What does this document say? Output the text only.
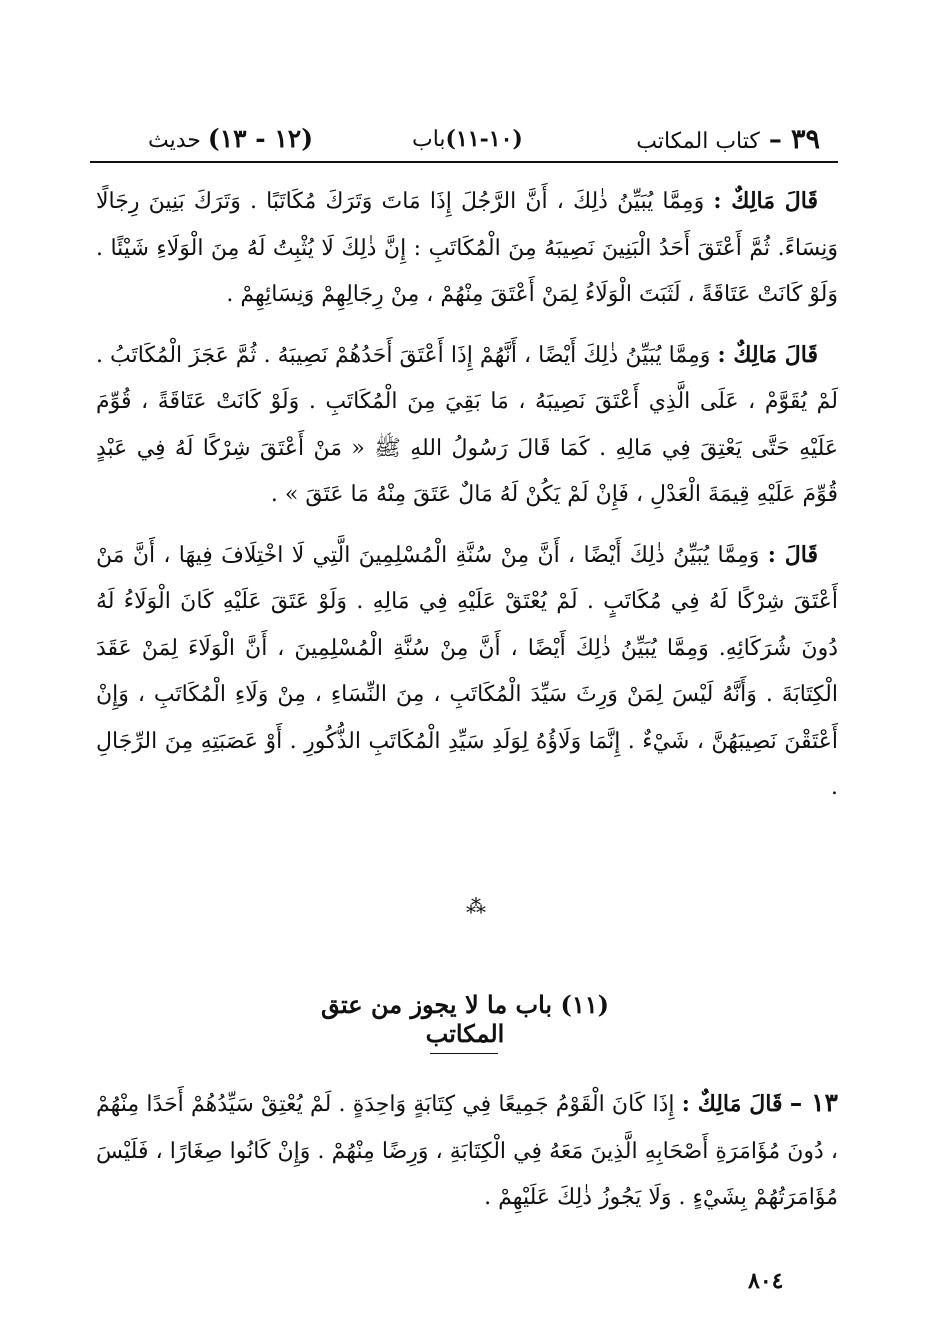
٣٩ – كتاب المكاتب
(١٠-١١)باب
(١٢ - ١٣) حديث

قَالَ مَالِكٌ : وَمِمَّا يُبَيِّنُ ذٰلِكَ ، أَنَّ الرَّجُلَ إِذَا مَاتَ وَتَرَكَ مُكَاتَبًا . وَتَرَكَ بَنِينَ رِجَالًا وَنِسَاءً. ثُمَّ أَعْتَقَ أَحَدُ الْبَنِينَ نَصِيبَهُ مِنَ الْمُكَاتَبِ : إِنَّ ذٰلِكَ لَا يُثْبِتُ لَهُ مِنَ الْوَلَاءِ شَيْئًا . وَلَوْ كَانَتْ عَتَاقَةً ، لَثَبَتَ الْوَلَاءُ لِمَنْ أَعْتَقَ مِنْهُمْ ، مِنْ رِجَالِهِمْ وَنِسَائِهِمْ .

قَالَ مَالِكٌ : وَمِمَّا يُبَيِّنُ ذٰلِكَ أَيْضًا ، أَنَّهُمْ إِذَا أَعْتَقَ أَحَدُهُمْ نَصِيبَهُ . ثُمَّ عَجَزَ الْمُكَاتَبُ . لَمْ يُقَوَّمْ ، عَلَى الَّذِي أَعْتَقَ نَصِيبَهُ ، مَا بَقِيَ مِنَ الْمُكَاتَبِ . وَلَوْ كَانَتْ عَتَاقَةً ، قُوِّمَ عَلَيْهِ حَتَّى يَعْتِقَ فِي مَالِهِ . كَمَا قَالَ رَسُولُ اللهِ ﷺ « مَنْ أَعْتَقَ شِرْكًا لَهُ فِي عَبْدٍ قُوِّمَ عَلَيْهِ قِيمَةَ الْعَدْلِ ، فَإِنْ لَمْ يَكُنْ لَهُ مَالٌ عَتَقَ مِنْهُ مَا عَتَقَ » .

قَالَ : وَمِمَّا يُبَيِّنُ ذٰلِكَ أَيْضًا ، أَنَّ مِنْ سُنَّةِ الْمُسْلِمِينَ الَّتِي لَا اخْتِلَافَ فِيهَا ، أَنَّ مَنْ أَعْتَقَ شِرْكًا لَهُ فِي مُكَاتَبٍ . لَمْ يُعْتَقْ عَلَيْهِ فِي مَالِهِ . وَلَوْ عَتَقَ عَلَيْهِ كَانَ الْوَلَاءُ لَهُ دُونَ شُرَكَائِهِ. وَمِمَّا يُبَيِّنُ ذٰلِكَ أَيْضًا ، أَنَّ مِنْ سُنَّةِ الْمُسْلِمِينَ ، أَنَّ الْوَلَاءَ لِمَنْ عَقَدَ الْكِتَابَةَ . وَأَنَّهُ لَيْسَ لِمَنْ وَرِثَ سَيِّدَ الْمُكَاتَبِ ، مِنَ النِّسَاءِ ، مِنْ وَلَاءِ الْمُكَاتَبِ ، وَإِنْ أَعْتَقْنَ نَصِيبَهُنَّ ، شَيْءٌ . إِنَّمَا وَلَاؤُهُ لِوَلَدِ سَيِّدِ الْمُكَاتَبِ الذُّكُورِ . أَوْ عَصَبَتِهِ مِنَ الرِّجَالِ .

⁂
(١١) باب ما لا يجوز من عتق المكاتب
١٣ – قَالَ مَالِكٌ : إِذَا كَانَ الْقَوْمُ جَمِيعًا فِي كِتَابَةٍ وَاحِدَةٍ . لَمْ يُعْتِقْ سَيِّدُهُمْ أَحَدًا مِنْهُمْ ، دُونَ مُؤَامَرَةِ أَصْحَابِهِ الَّذِينَ مَعَهُ فِي الْكِتَابَةِ ، وَرِضًا مِنْهُمْ . وَإِنْ كَانُوا صِغَارًا ، فَلَيْسَ مُؤَامَرَتُهُمْ بِشَيْءٍ . وَلَا يَجُوزُ ذٰلِكَ عَلَيْهِمْ .
٨٠٤
